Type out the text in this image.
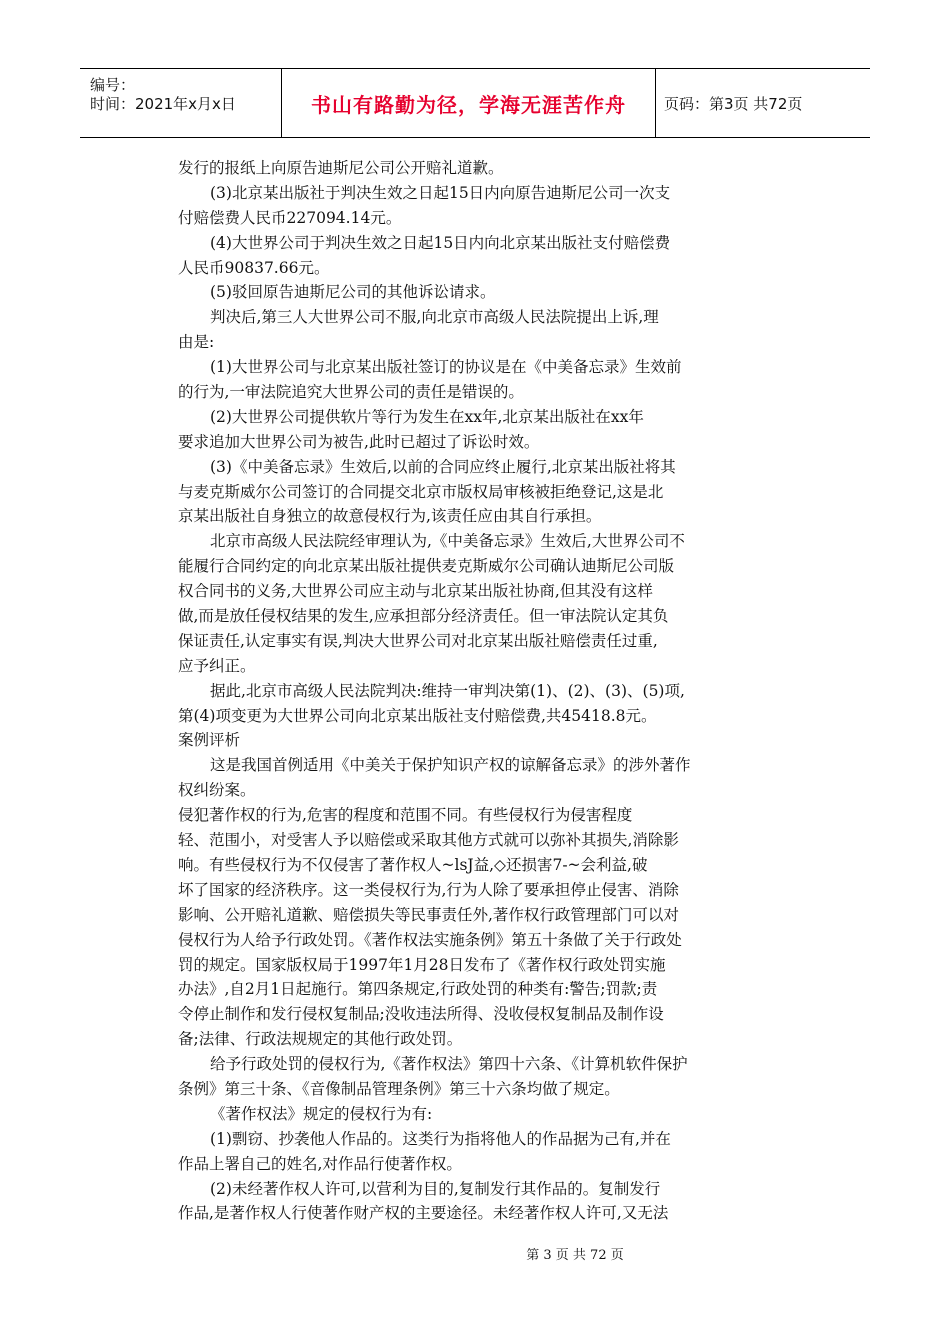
编号：
时间：2021年x月x日	书山有路勤为径，学海无涯苦作舟	页码：第3页 共72页
发行的报纸上向原告迪斯尼公司公开赔礼道歉。
(3)北京某出版社于判决生效之日起15日内向原告迪斯尼公司一次支
付赔偿费人民币227094.14元。
(4)大世界公司于判决生效之日起15日内向北京某出版社支付赔偿费
人民币90837.66元。
(5)驳回原告迪斯尼公司的其他诉讼请求。
判决后,第三人大世界公司不服,向北京市高级人民法院提出上诉,理
由是:
(1)大世界公司与北京某出版社签订的协议是在《中美备忘录》生效前
的行为,一审法院追究大世界公司的责任是错误的。
(2)大世界公司提供软片等行为发生在xx年,北京某出版社在xx年
要求追加大世界公司为被告,此时已超过了诉讼时效。
(3)《中美备忘录》生效后,以前的合同应终止履行,北京某出版社将其
与麦克斯威尔公司签订的合同提交北京市版权局审核被拒绝登记,这是北
京某出版社自身独立的故意侵权行为,该责任应由其自行承担。
北京市高级人民法院经审理认为,《中美备忘录》生效后,大世界公司不
能履行合同约定的向北京某出版社提供麦克斯威尔公司确认迪斯尼公司版
权合同书的义务,大世界公司应主动与北京某出版社协商,但其没有这样
做,而是放任侵权结果的发生,应承担部分经济责任。但一审法院认定其负
保证责任,认定事实有误,判决大世界公司对北京某出版社赔偿责任过重,
应予纠正。
据此,北京市高级人民法院判决:维持一审判决第(1)、(2)、(3)、(5)项,
第(4)项变更为大世界公司向北京某出版社支付赔偿费,共45418.8元。
案例评析
这是我国首例适用《中美关于保护知识产权的谅解备忘录》的涉外著作
权纠纷案。
侵犯著作权的行为,危害的程度和范围不同。有些侵权行为侵害程度
轻、范围小，对受害人予以赔偿或采取其他方式就可以弥补其损失,消除影
响。有些侵权行为不仅侵害了著作权人~lsJ益,◇还损害7-~会利益,破
坏了国家的经济秩序。这一类侵权行为,行为人除了要承担停止侵害、消除
影响、公开赔礼道歉、赔偿损失等民事责任外,著作权行政管理部门可以对
侵权行为人给予行政处罚。《著作权法实施条例》第五十条做了关于行政处
罚的规定。国家版权局于1997年1月28日发布了《著作权行政处罚实施
办法》,自2月1日起施行。第四条规定,行政处罚的种类有:警告;罚款;责
令停止制作和发行侵权复制品;没收违法所得、没收侵权复制品及制作设
备;法律、行政法规规定的其他行政处罚。
给予行政处罚的侵权行为,《著作权法》第四十六条、《计算机软件保护
条例》第三十条、《音像制品管理条例》第三十六条均做了规定。
《著作权法》规定的侵权行为有:
(1)剽窃、抄袭他人作品的。这类行为指将他人的作品据为己有,并在
作品上署自己的姓名,对作品行使著作权。
(2)未经著作权人许可,以营利为目的,复制发行其作品的。复制发行
作品,是著作权人行使著作财产权的主要途径。未经著作权人许可,又无法
第 3 页 共 72 页
